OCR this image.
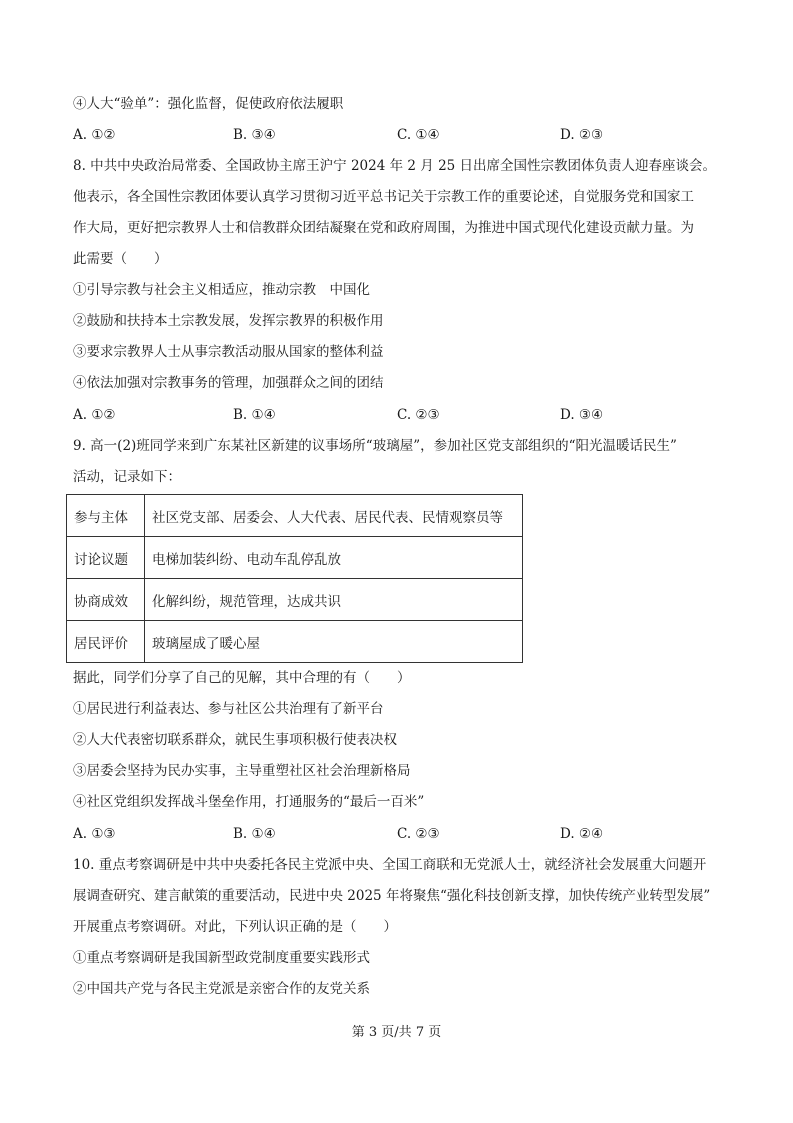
④人大“验单”：强化监督，促使政府依法履职
A. ①②	B. ③④	C. ①④	D. ②③
8. 中共中央政治局常委、全国政协主席王沪宁 2024 年 2 月 25 日出席全国性宗教团体负责人迎春座谈会。
他表示，各全国性宗教团体要认真学习贯彻习近平总书记关于宗教工作的重要论述，自觉服务党和国家工
作大局，更好把宗教界人士和信教群众团结凝聚在党和政府周围，为推进中国式现代化建设贡献力量。为
此需要（　　）
①引导宗教与社会主义相适应，推动宗教　中国化
②鼓励和扶持本土宗教发展，发挥宗教界的积极作用
③要求宗教界人士从事宗教活动服从国家的整体利益
④依法加强对宗教事务的管理，加强群众之间的团结
A. ①②	B. ①④	C. ②③	D. ③④
9. 高一(2)班同学来到广东某社区新建的议事场所“玻璃屋”，参加社区党支部组织的“阳光温暖话民生”
活动，记录如下：
参与主体	社区党支部、居委会、人大代表、居民代表、民情观察员等
讨论议题	电梯加装纠纷、电动车乱停乱放
协商成效	化解纠纷，规范管理，达成共识
居民评价	玻璃屋成了暖心屋
据此，同学们分享了自己的见解，其中合理的有（　　）
①居民进行利益表达、参与社区公共治理有了新平台
②人大代表密切联系群众，就民生事项积极行使表决权
③居委会坚持为民办实事，主导重塑社区社会治理新格局
④社区党组织发挥战斗堡垒作用，打通服务的“最后一百米”
A. ①③	B. ①④	C. ②③	D. ②④
10. 重点考察调研是中共中央委托各民主党派中央、全国工商联和无党派人士，就经济社会发展重大问题开
展调查研究、建言献策的重要活动，民进中央 2025 年将聚焦“强化科技创新支撑，加快传统产业转型发展”
开展重点考察调研。对此，下列认识正确的是（　　）
①重点考察调研是我国新型政党制度重要实践形式
②中国共产党与各民主党派是亲密合作的友党关系
第 3 页/共 7 页
